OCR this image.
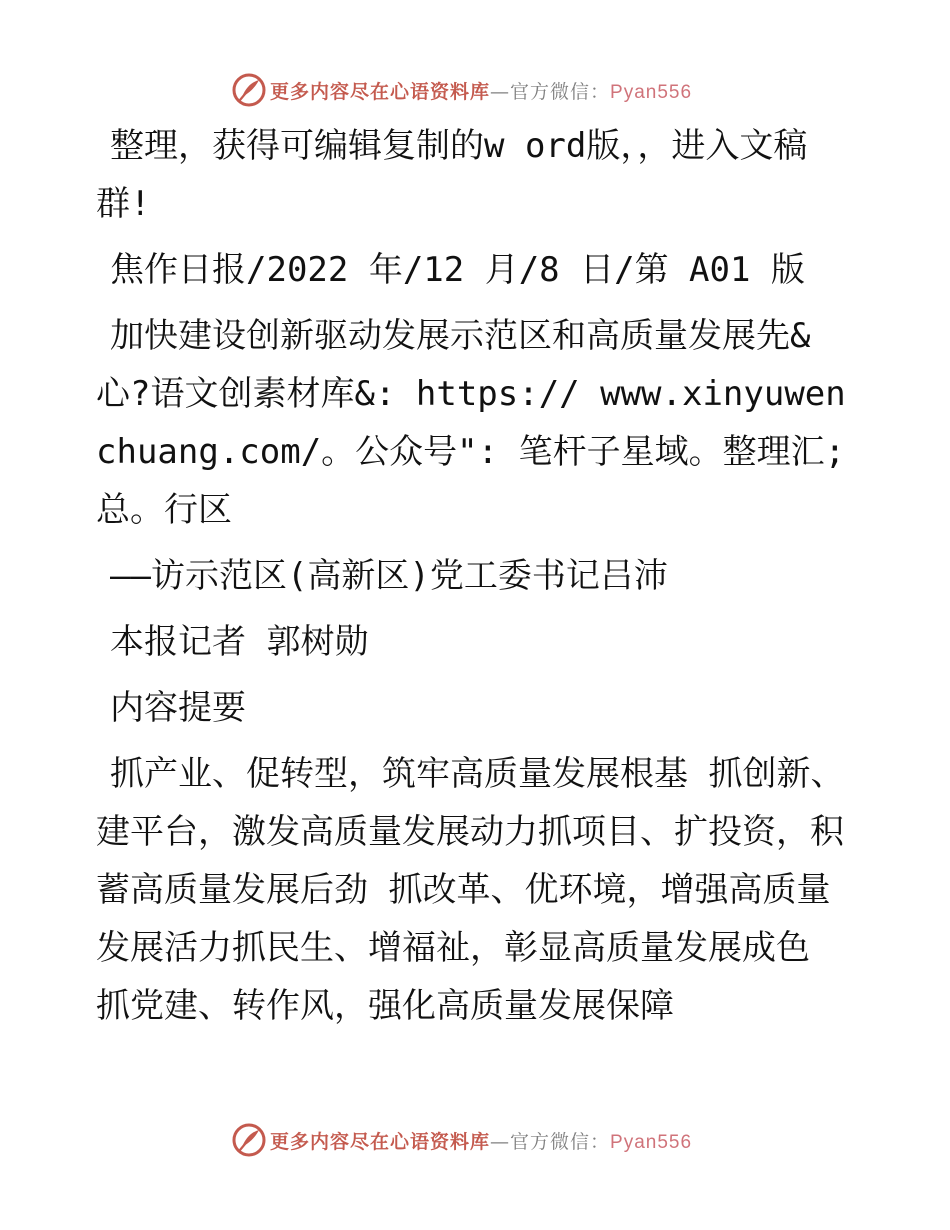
更多内容尽在心语资料库—官方微信：Pyan556

整理，获得可编辑复制的w ord版，，进入文稿群!

焦作日报/2022 年/12 月/8 日/第 A01 版

加快建设创新驱动发展示范区和高质量发展先&心?语文创素材库&: https:// www.xinyuwenchuang.com/。公众号": 笔杆子星域。整理汇;总。行区

——访示范区(高新区)党工委书记吕沛

本报记者 郭树勋

内容提要

抓产业、促转型，筑牢高质量发展根基 抓创新、建平台，激发高质量发展动力抓项目、扩投资，积蓄高质量发展后劲 抓改革、优环境，增强高质量发展活力抓民生、增福祉，彰显高质量发展成色 抓党建、转作风，强化高质量发展保障

更多内容尽在心语资料库—官方微信：Pyan556
